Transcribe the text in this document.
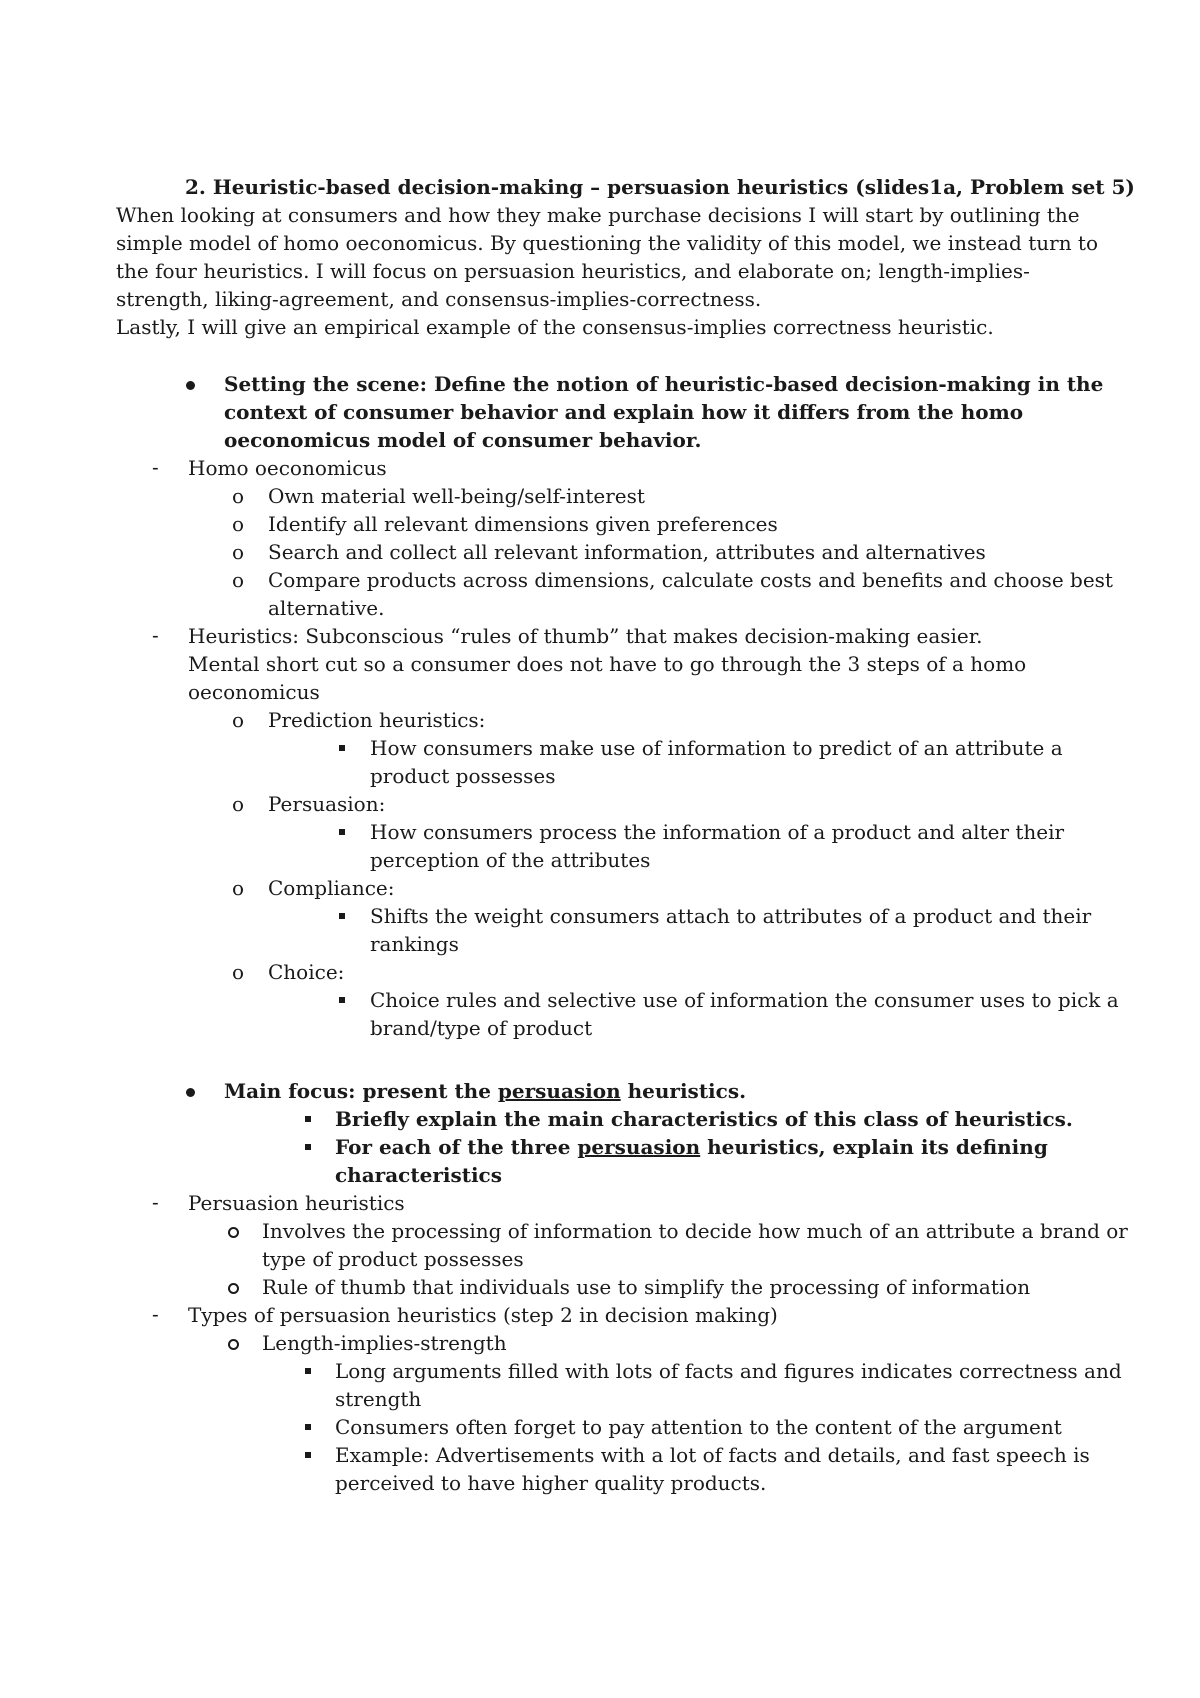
2. Heuristic-based decision-making – persuasion heuristics (slides1a, Problem set 5)

When looking at consumers and how they make purchase decisions I will start by outlining the simple model of homo oeconomicus. By questioning the validity of this model, we instead turn to the four heuristics. I will focus on persuasion heuristics, and elaborate on; length-implies-strength, liking-agreement, and consensus-implies-correctness.

Lastly, I will give an empirical example of the consensus-implies correctness heuristic.

Setting the scene: Define the notion of heuristic-based decision-making in the
context of consumer behavior and explain how it differs from the homo
oeconomicus model of consumer behavior.
- Homo oeconomicus
o Own material well-being/self-interest
o Identify all relevant dimensions given preferences
o Search and collect all relevant information, attributes and alternatives
o Compare products across dimensions, calculate costs and benefits and choose best
alternative.
- Heuristics: Subconscious “rules of thumb” that makes decision-making easier.
Mental short cut so a consumer does not have to go through the 3 steps of a homo
oeconomicus
o Prediction heuristics:
How consumers make use of information to predict of an attribute a
product possesses
o Persuasion:
How consumers process the information of a product and alter their
perception of the attributes
o Compliance:
Shifts the weight consumers attach to attributes of a product and their
rankings
o Choice:
Choice rules and selective use of information the consumer uses to pick a
brand/type of product
Main focus: present the persuasion heuristics.
Briefly explain the main characteristics of this class of heuristics.
For each of the three persuasion heuristics, explain its defining
characteristics
- Persuasion heuristics
Involves the processing of information to decide how much of an attribute a brand or
type of product possesses
Rule of thumb that individuals use to simplify the processing of information
- Types of persuasion heuristics (step 2 in decision making)
Length-implies-strength
Long arguments filled with lots of facts and figures indicates correctness and
strength
Consumers often forget to pay attention to the content of the argument
Example: Advertisements with a lot of facts and details, and fast speech is
perceived to have higher quality products.
